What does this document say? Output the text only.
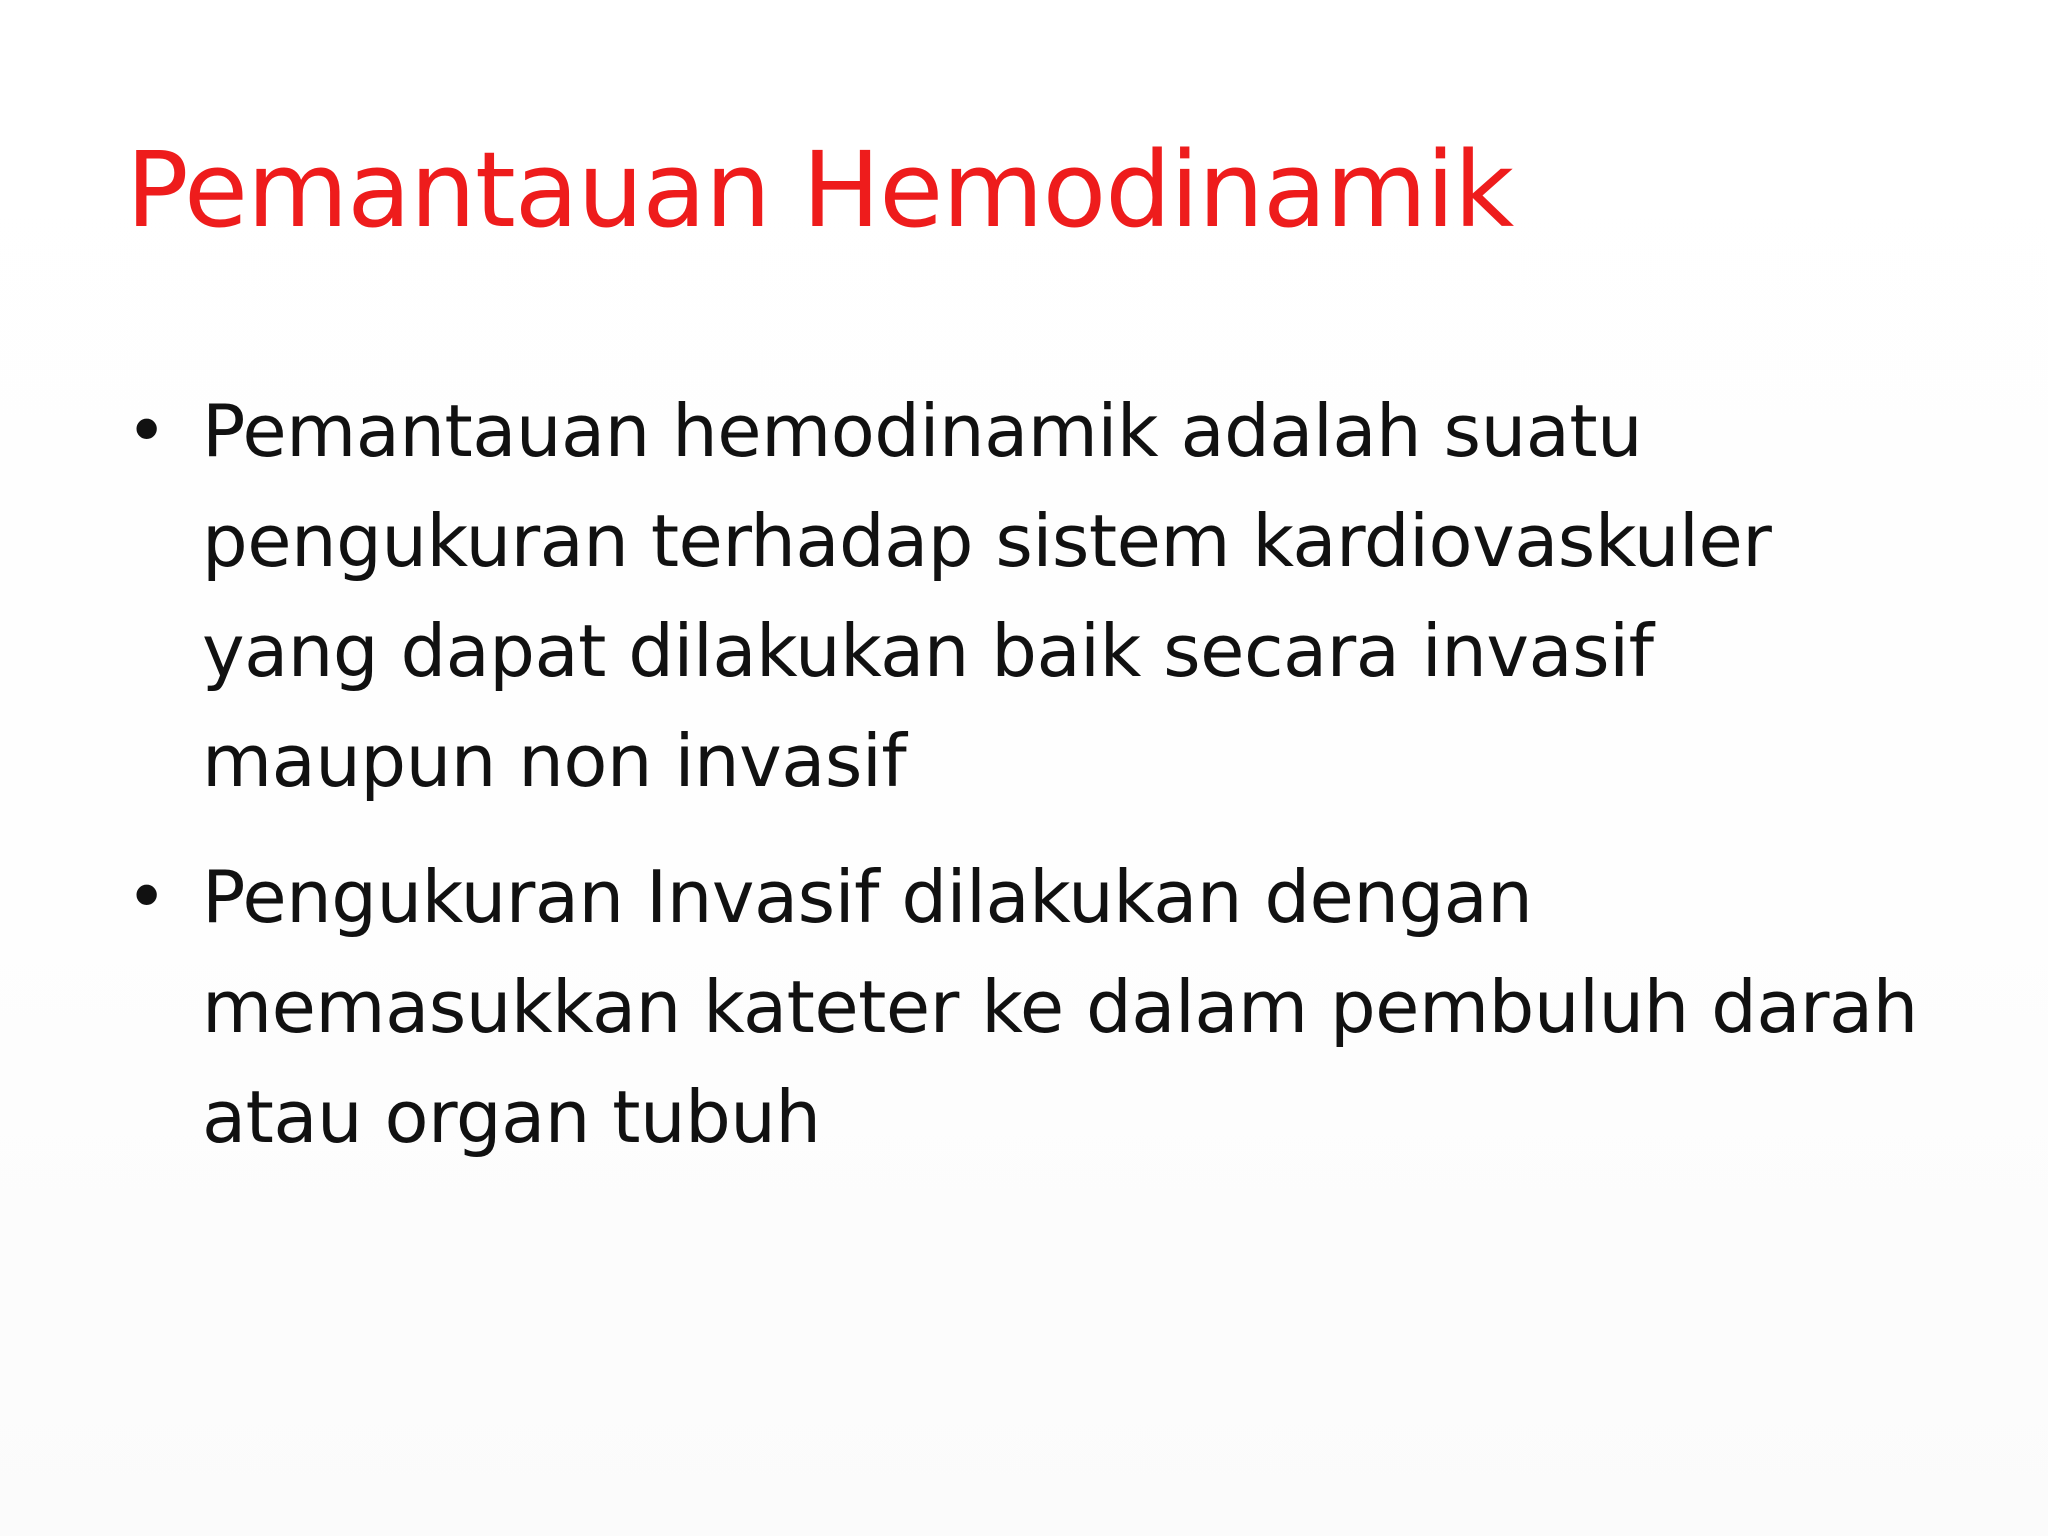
Pemantauan Hemodinamik
• Pemantauan hemodinamik adalah suatu pengukuran terhadap sistem kardiovaskuler yang dapat dilakukan baik secara invasif maupun non invasif
• Pengukuran Invasif dilakukan dengan memasukkan kateter ke dalam pembuluh darah atau organ tubuh
